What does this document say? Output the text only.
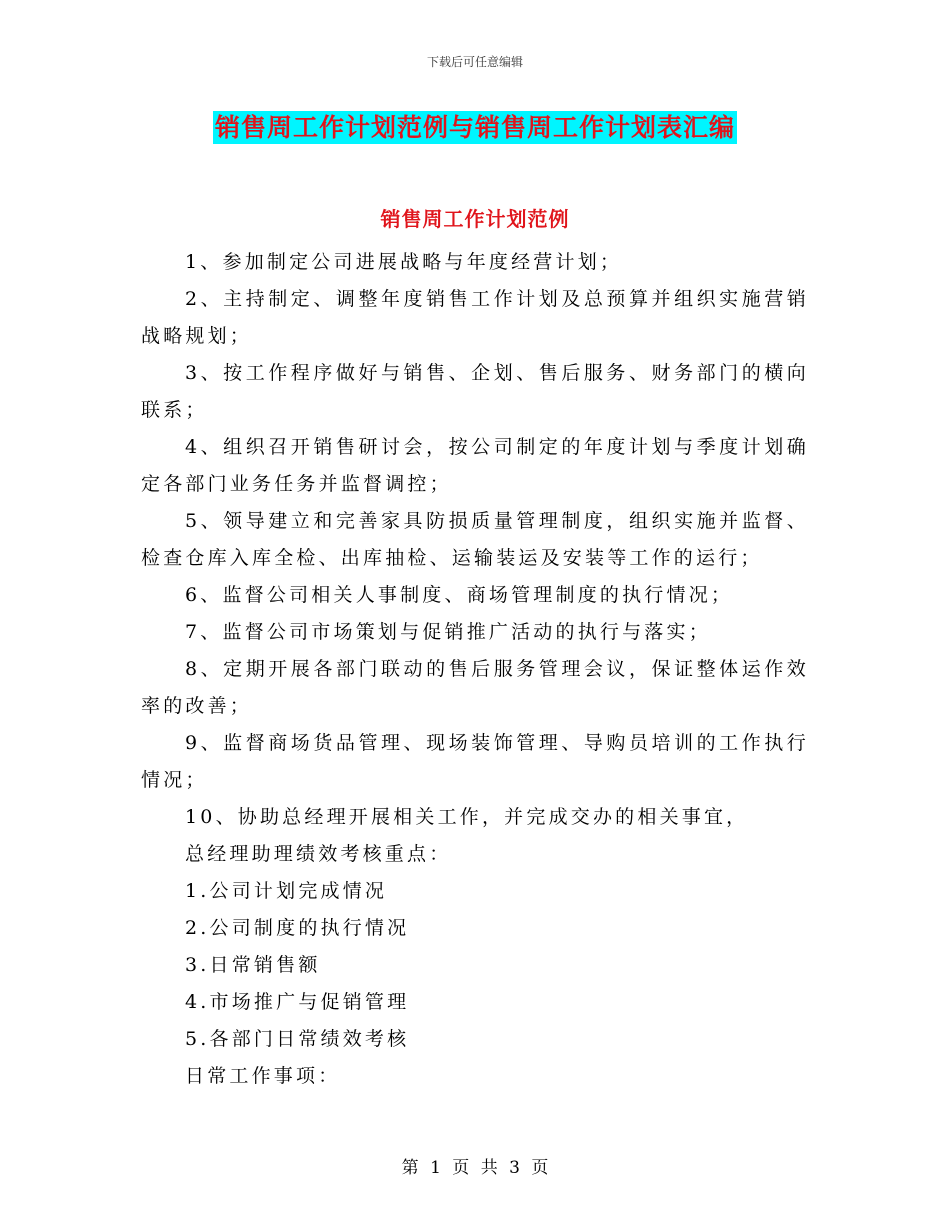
下载后可任意编辑
销售周工作计划范例与销售周工作计划表汇编
销售周工作计划范例

1、参加制定公司进展战略与年度经营计划；

2、主持制定、调整年度销售工作计划及总预算并组织实施营销战略规划；

3、按工作程序做好与销售、企划、售后服务、财务部门的横向联系；

4、组织召开销售研讨会，按公司制定的年度计划与季度计划确定各部门业务任务并监督调控；

5、领导建立和完善家具防损质量管理制度，组织实施并监督、检查仓库入库全检、出库抽检、运输装运及安装等工作的运行；

6、监督公司相关人事制度、商场管理制度的执行情况；

7、监督公司市场策划与促销推广活动的执行与落实；

8、定期开展各部门联动的售后服务管理会议，保证整体运作效率的改善；

9、监督商场货品管理、现场装饰管理、导购员培训的工作执行情况；

10、协助总经理开展相关工作，并完成交办的相关事宜，

总经理助理绩效考核重点：

1.公司计划完成情况

2.公司制度的执行情况

3.日常销售额

4.市场推广与促销管理

5.各部门日常绩效考核

日常工作事项：

第 1 页 共 3 页
